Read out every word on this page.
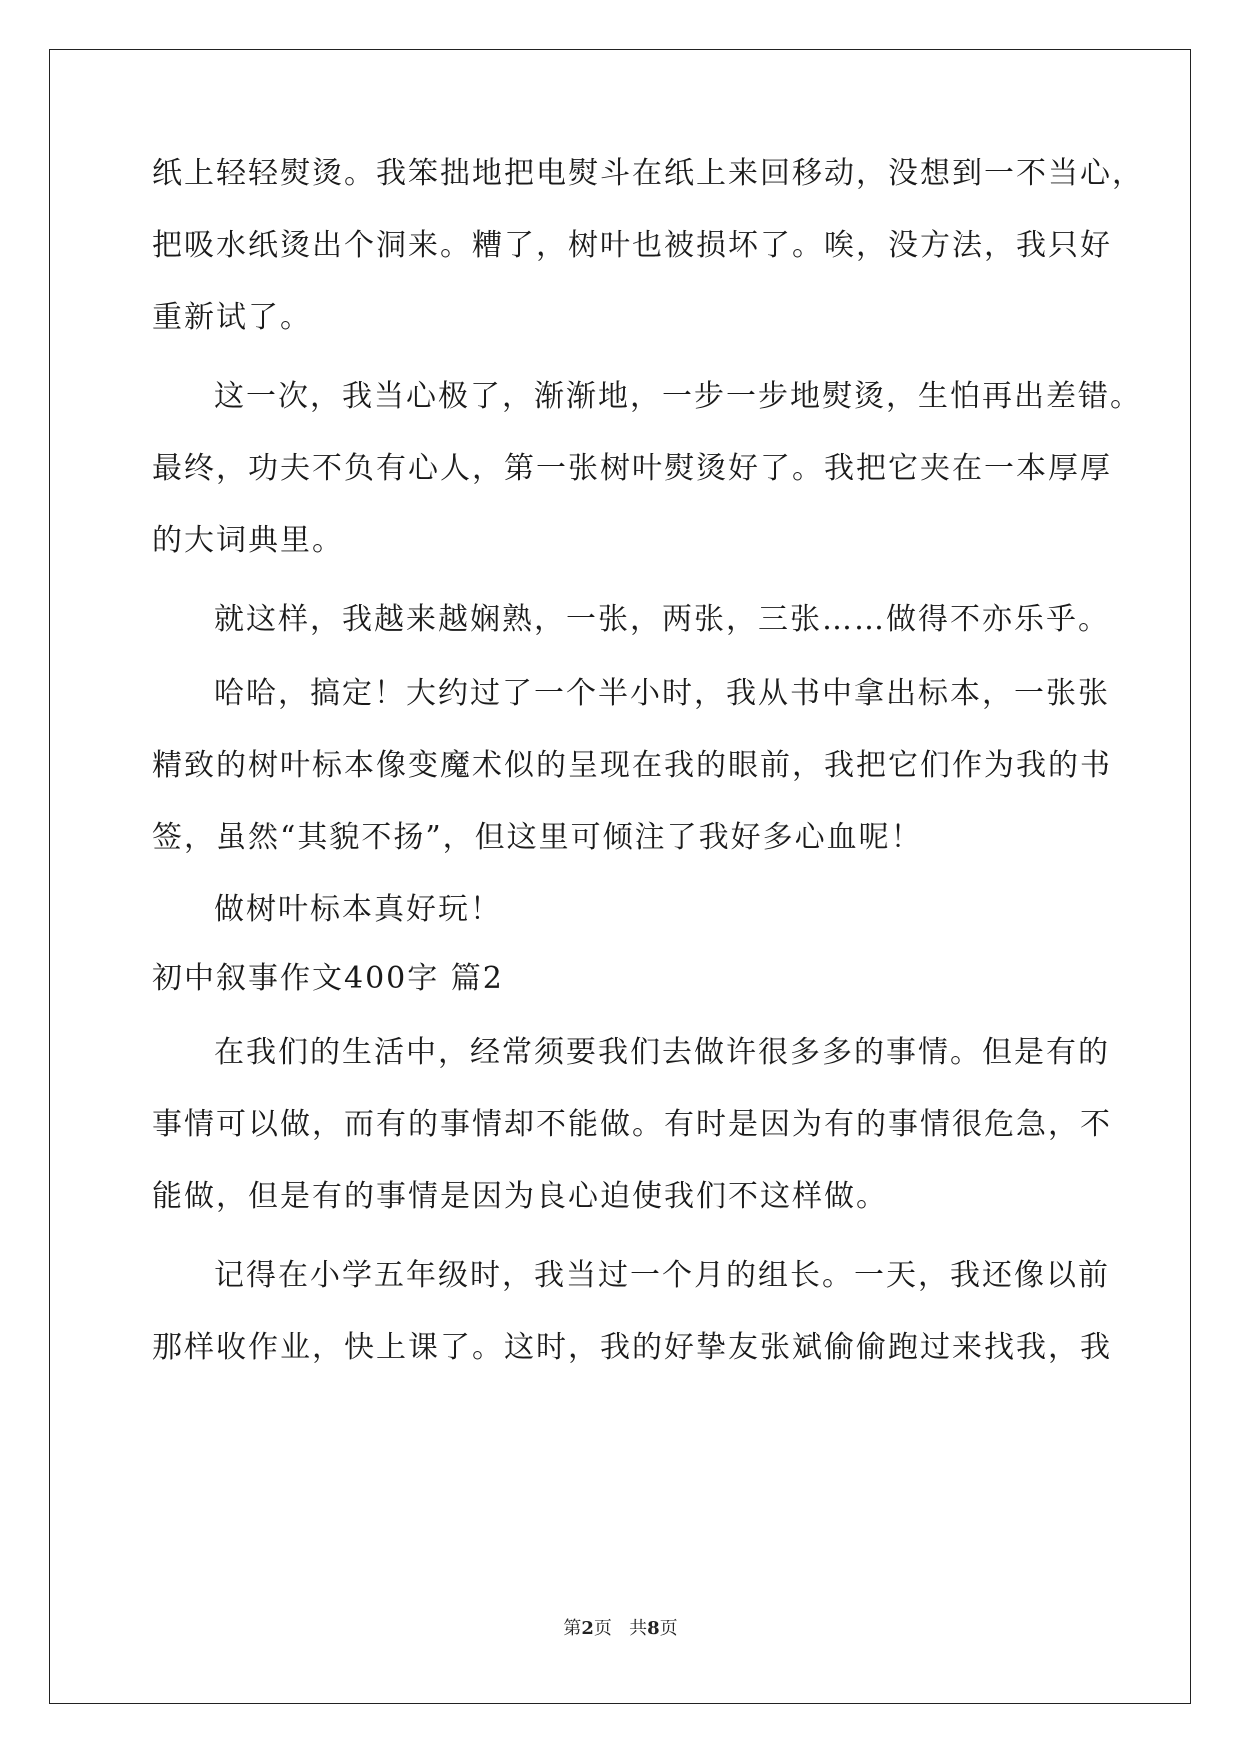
纸上轻轻熨烫。我笨拙地把电熨斗在纸上来回移动，没想到一不当心，
把吸水纸烫出个洞来。糟了，树叶也被损坏了。唉，没方法，我只好
重新试了。
这一次，我当心极了，渐渐地，一步一步地熨烫，生怕再出差错。
最终，功夫不负有心人，第一张树叶熨烫好了。我把它夹在一本厚厚
的大词典里。
就这样，我越来越娴熟，一张，两张，三张……做得不亦乐乎。
哈哈，搞定！大约过了一个半小时，我从书中拿出标本，一张张
精致的树叶标本像变魔术似的呈现在我的眼前，我把它们作为我的书
签，虽然“其貌不扬”，但这里可倾注了我好多心血呢！
做树叶标本真好玩！
初中叙事作文400字 篇2
在我们的生活中，经常须要我们去做许很多多的事情。但是有的
事情可以做，而有的事情却不能做。有时是因为有的事情很危急，不
能做，但是有的事情是因为良心迫使我们不这样做。
记得在小学五年级时，我当过一个月的组长。一天，我还像以前
那样收作业，快上课了。这时，我的好挚友张斌偷偷跑过来找我，我
第2页 共8页
